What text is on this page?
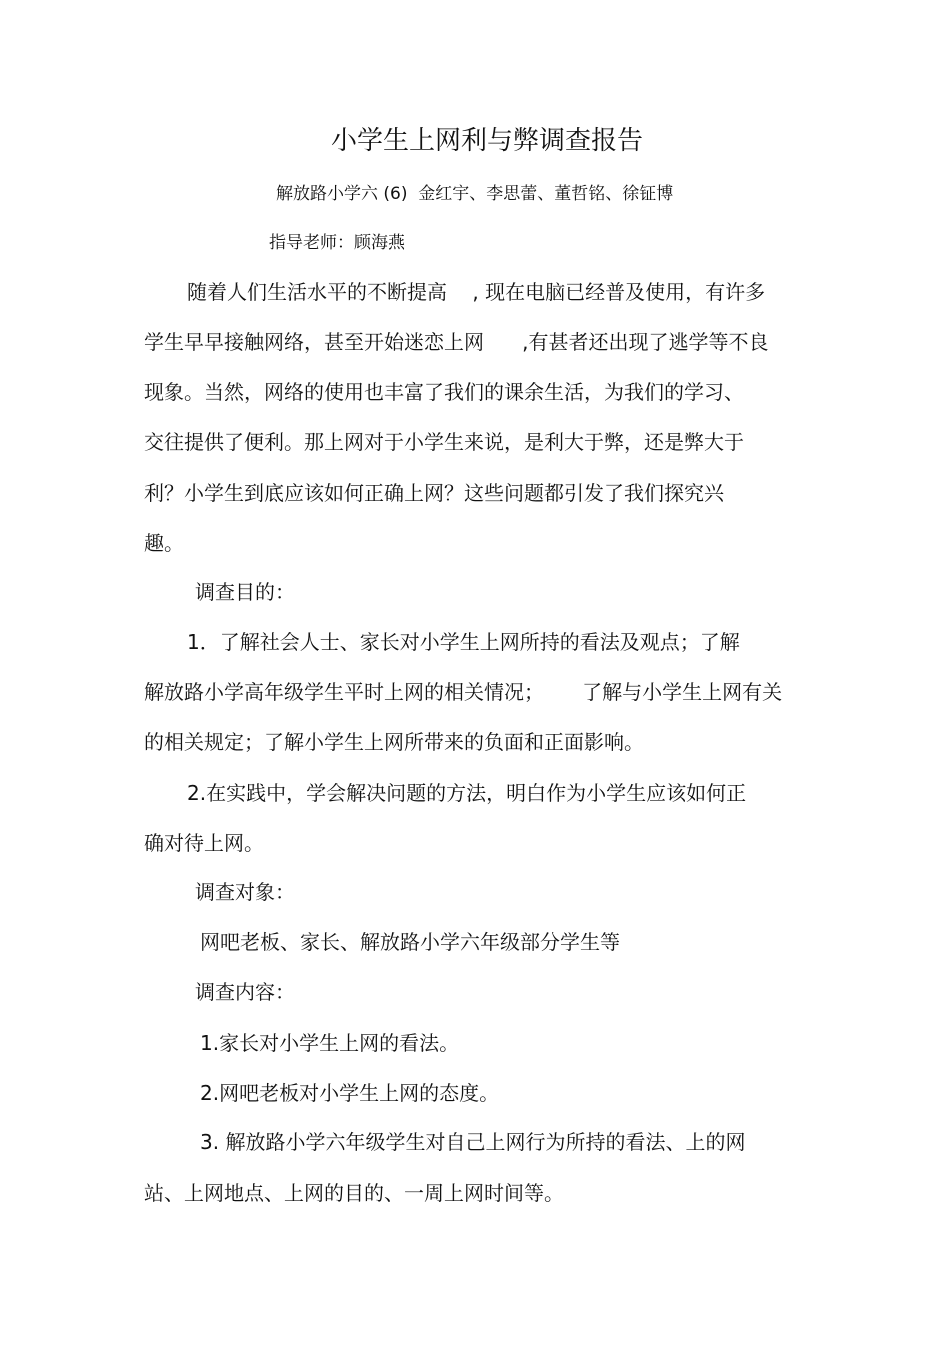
小学生上网利与弊调查报告
解放路小学六 (6)  金红宇、李思蕾、董哲铭、徐钲博
指导老师：顾海燕
随着人们生活水平的不断提高    , 现在电脑已经普及使用，有许多
学生早早接触网络，甚至开始迷恋上网      ,有甚者还出现了逃学等不良
现象。当然，网络的使用也丰富了我们的课余生活，为我们的学习、
交往提供了便利。那上网对于小学生来说，是利大于弊，还是弊大于
利？小学生到底应该如何正确上网？这些问题都引发了我们探究兴
趣。
调查目的：
1．了解社会人士、家长对小学生上网所持的看法及观点；了解
解放路小学高年级学生平时上网的相关情况；      了解与小学生上网有关
的相关规定；了解小学生上网所带来的负面和正面影响。
2.在实践中，学会解决问题的方法，明白作为小学生应该如何正
确对待上网。
调查对象：
网吧老板、家长、解放路小学六年级部分学生等
调查内容：
1.家长对小学生上网的看法。
2.网吧老板对小学生上网的态度。
3. 解放路小学六年级学生对自己上网行为所持的看法、上的网
站、上网地点、上网的目的、一周上网时间等。
